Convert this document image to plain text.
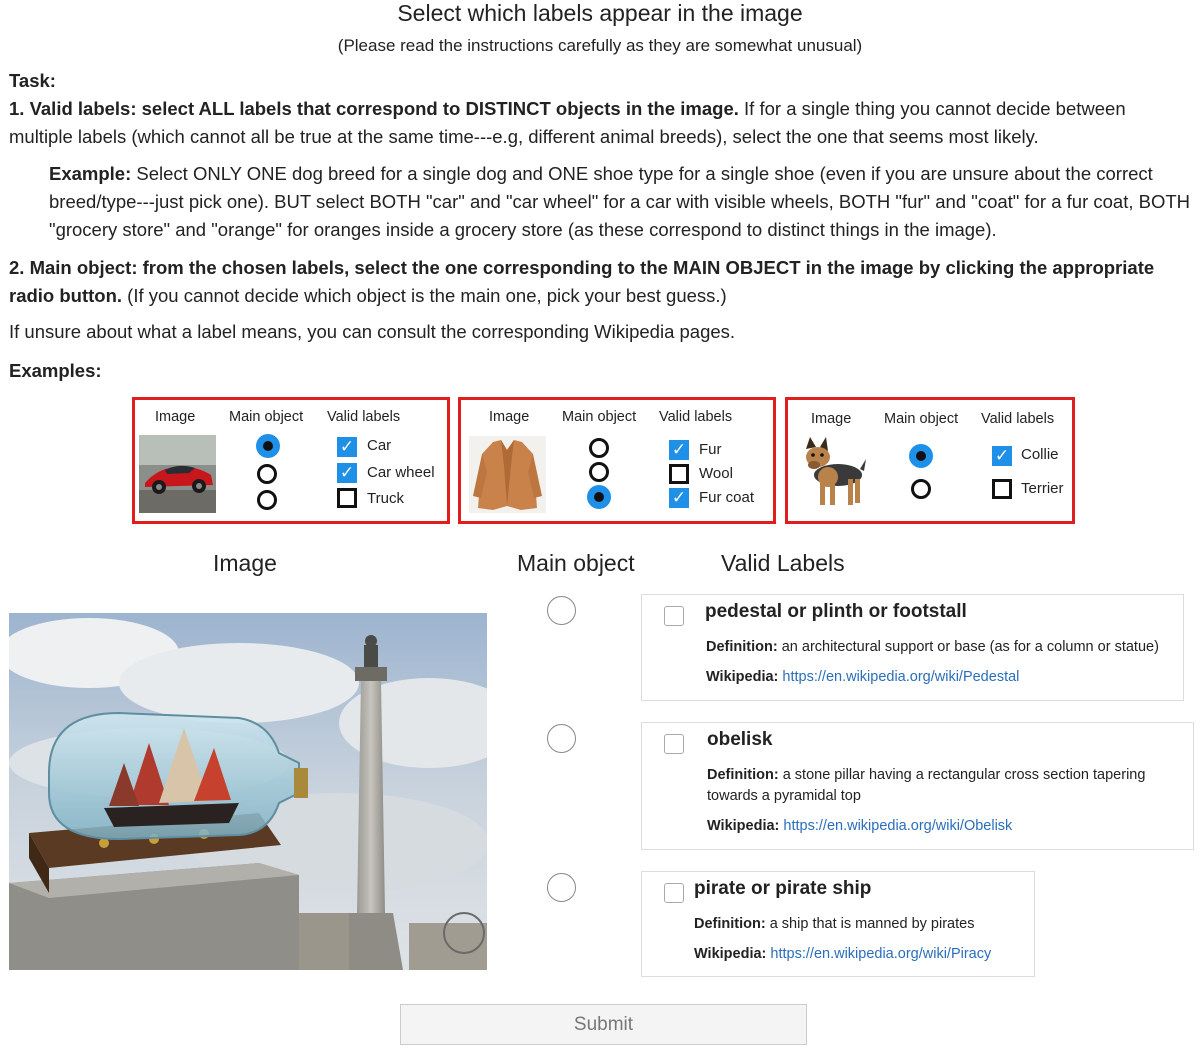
Select which labels appear in the image
(Please read the instructions carefully as they are somewhat unusual)
Task:
1. Valid labels: select ALL labels that correspond to DISTINCT objects in the image. If for a single thing you cannot decide between multiple labels (which cannot all be true at the same time---e.g, different animal breeds), select the one that seems most likely.
Example: Select ONLY ONE dog breed for a single dog and ONE shoe type for a single shoe (even if you are unsure about the correct breed/type---just pick one). BUT select BOTH "car" and "car wheel" for a car with visible wheels, BOTH "fur" and "coat" for a fur coat, BOTH "grocery store" and "orange" for oranges inside a grocery store (as these correspond to distinct things in the image).
2. Main object: from the chosen labels, select the one corresponding to the MAIN OBJECT in the image by clicking the appropriate radio button. (If you cannot decide which object is the main one, pick your best guess.)
If unsure about what a label means, you can consult the corresponding Wikipedia pages.
Examples:
Image Main object Valid labels
✓
✓
Car
Car wheel
Truck
Image Main object Valid labels
✓
✓
Fur
Wool
Fur coat
Image Main object Valid labels
✓ Collie
Terrier
Image	Main object	Valid Labels
pedestal or plinth or footstall
Definition: an architectural support or base (as for a column or statue)
Wikipedia: https://en.wikipedia.org/wiki/Pedestal
obelisk
Definition: a stone pillar having a rectangular cross section tapering towards a pyramidal top
Wikipedia: https://en.wikipedia.org/wiki/Obelisk
pirate or pirate ship
Definition: a ship that is manned by pirates
Wikipedia: https://en.wikipedia.org/wiki/Piracy
Submit
